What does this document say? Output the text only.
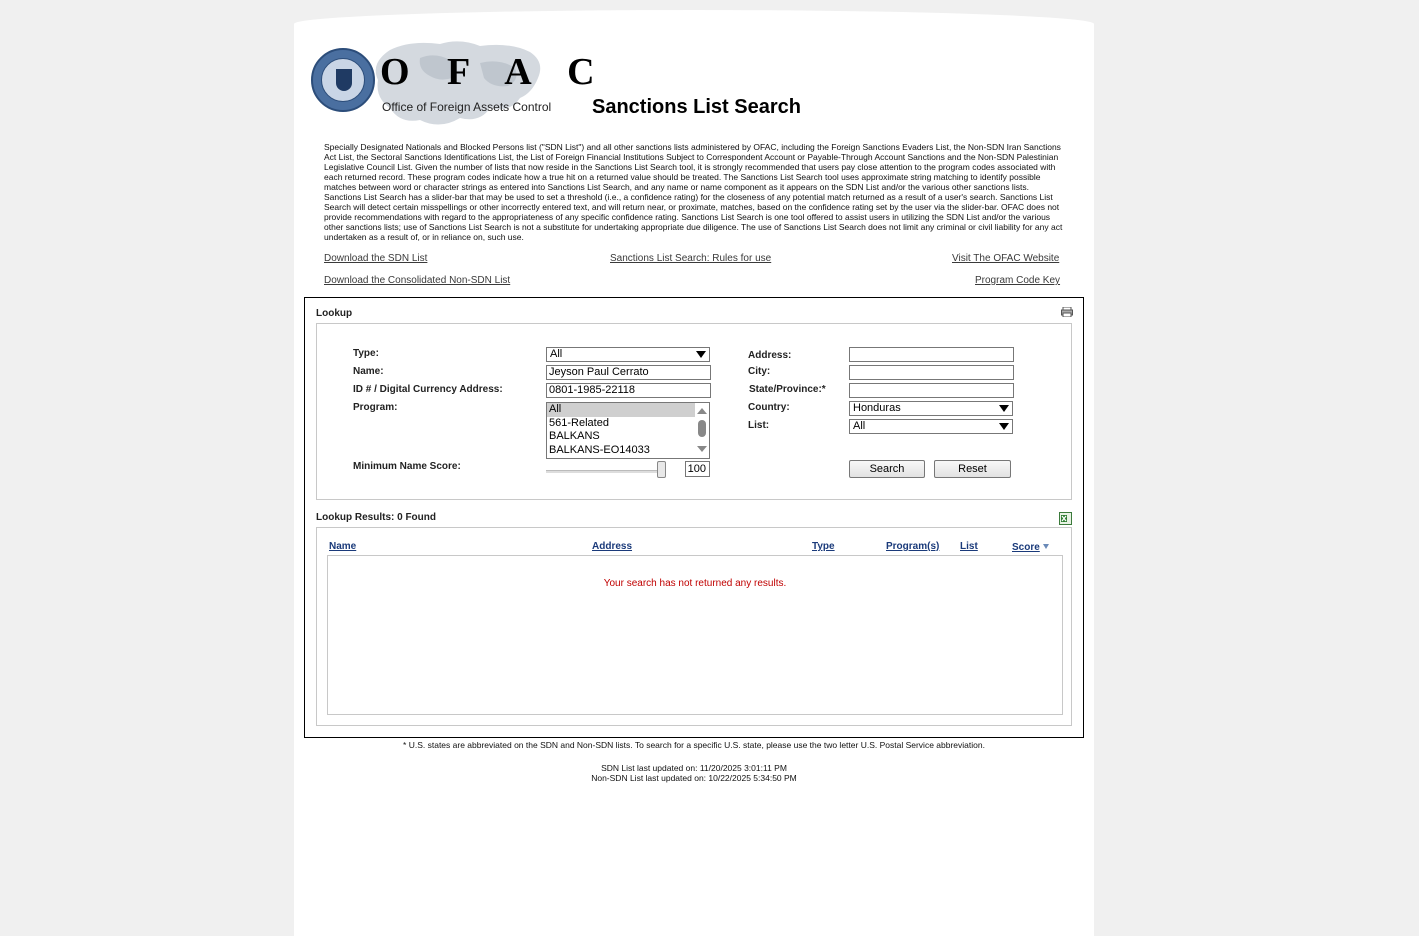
O F A C
Office of Foreign Assets Control Sanctions List Search
Specially Designated Nationals and Blocked Persons list ("SDN List") and all other sanctions lists administered by OFAC, including the Foreign Sanctions Evaders List, the Non-SDN Iran Sanctions Act List, the Sectoral Sanctions Identifications List, the List of Foreign Financial Institutions Subject to Correspondent Account or Payable-Through Account Sanctions and the Non-SDN Palestinian Legislative Council List. Given the number of lists that now reside in the Sanctions List Search tool, it is strongly recommended that users pay close attention to the program codes associated with each returned record. These program codes indicate how a true hit on a returned value should be treated. The Sanctions List Search tool uses approximate string matching to identify possible matches between word or character strings as entered into Sanctions List Search, and any name or name component as it appears on the SDN List and/or the various other sanctions lists. Sanctions List Search has a slider-bar that may be used to set a threshold (i.e., a confidence rating) for the closeness of any potential match returned as a result of a user's search. Sanctions List Search will detect certain misspellings or other incorrectly entered text, and will return near, or proximate, matches, based on the confidence rating set by the user via the slider-bar. OFAC does not provide recommendations with regard to the appropriateness of any specific confidence rating. Sanctions List Search is one tool offered to assist users in utilizing the SDN List and/or the various other sanctions lists; use of Sanctions List Search is not a substitute for undertaking appropriate due diligence. The use of Sanctions List Search does not limit any criminal or civil liability for any act undertaken as a result of, or in reliance on, such use.
Download the SDN List	Sanctions List Search: Rules for use	Visit The OFAC Website
Download the Consolidated Non-SDN List	Program Code Key
Lookup
Type:	All
Name:	Jeyson Paul Cerrato
ID # / Digital Currency Address:	0801-1985-22118
Program:	All
561-Related
BALKANS
BALKANS-EO14033
Minimum Name Score:	100
Address:
City:
State/Province:*
Country:	Honduras
List:	All
Search	Reset
Lookup Results: 0 Found
Name	Address	Type	Program(s) List	Score
Your search has not returned any results.
* U.S. states are abbreviated on the SDN and Non-SDN lists. To search for a specific U.S. state, please use the two letter U.S. Postal Service abbreviation.
SDN List last updated on: 11/20/2025 3:01:11 PM
Non-SDN List last updated on: 10/22/2025 5:34:50 PM
